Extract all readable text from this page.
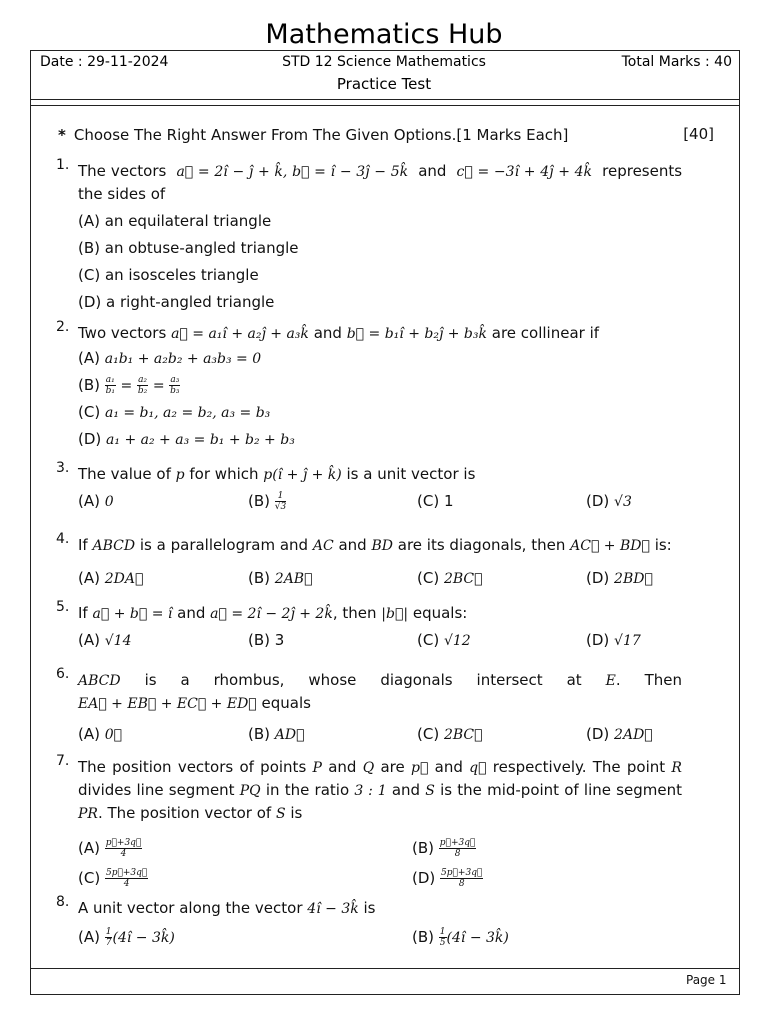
Mathematics Hub
Date : 29-11-2024	STD 12 Science Mathematics	Total Marks : 40
Practice Test
* Choose The Right Answer From The Given Options.[1 Marks Each]	[40]
1. The vectors a⃗ = 2î − ĵ + k̂, b⃗ = î − 3ĵ − 5k̂ and c⃗ = −3î + 4ĵ + 4k̂ represents the sides of
(A) an equilateral triangle
(B) an obtuse-angled triangle
(C) an isosceles triangle
(D) a right-angled triangle
2. Two vectors a⃗ = a₁î + a₂ĵ + a₃k̂ and b⃗ = b₁î + b₂ĵ + b₃k̂ are collinear if
(A) a₁b₁ + a₂b₂ + a₃b₃ = 0
$(B) \frac{\text{a₁}}{\text{b₁}} = \frac{\text{a₂}}{\text{b₂}} = \frac{\text{a₃}}{\text{b₃}}$
(C) a₁ = b₁, a₂ = b₂, a₃ = b₃
(D) a₁ + a₂ + a₃ = b₁ + b₂ + b₃
3. The value of p for which p(î + ĵ + k̂) is a unit vector is
(A) 0	$(B) \frac{1}{√3}$	(C) 1	(D) √3
4. If ABCD is a parallelogram and AC and BD are its diagonals, then AC⃗ + BD⃗ is:
(A) 2DA⃗	(B) 2AB⃗	(C) 2BC⃗	(D) 2BD⃗
5. If a⃗ + b⃗ = î and a⃗ = 2î − 2ĵ + 2k̂, then |b⃗| equals:
(A) √14	(B) 3	(C) √12	(D) √17
6. ABCD is a rhombus, whose diagonals intersect at E. Then EA⃗ + EB⃗ + EC⃗ + ED⃗ equals
(A) 0⃗	(B) AD⃗	(C) 2BC⃗	(D) 2AD⃗
7. The position vectors of points P and Q are p⃗ and q⃗ respectively. The point R divides line segment PQ in the ratio 3 : 1 and S is the mid-point of line segment PR. The position vector of S is
$(A) \frac{p⃗+3q⃗}{4}$	$(B) \frac{p⃗+3q⃗}{8}$
$(C) \frac{5p⃗+3q⃗}{4}$	$(D) \frac{5p⃗+3q⃗}{8}$
8. A unit vector along the vector 4î − 3k̂ is
$(A) \frac{1}{7}$ (4î − 3k̂)	$(B) \frac{1}{5}$ (4î − 3k̂)
Page 1
